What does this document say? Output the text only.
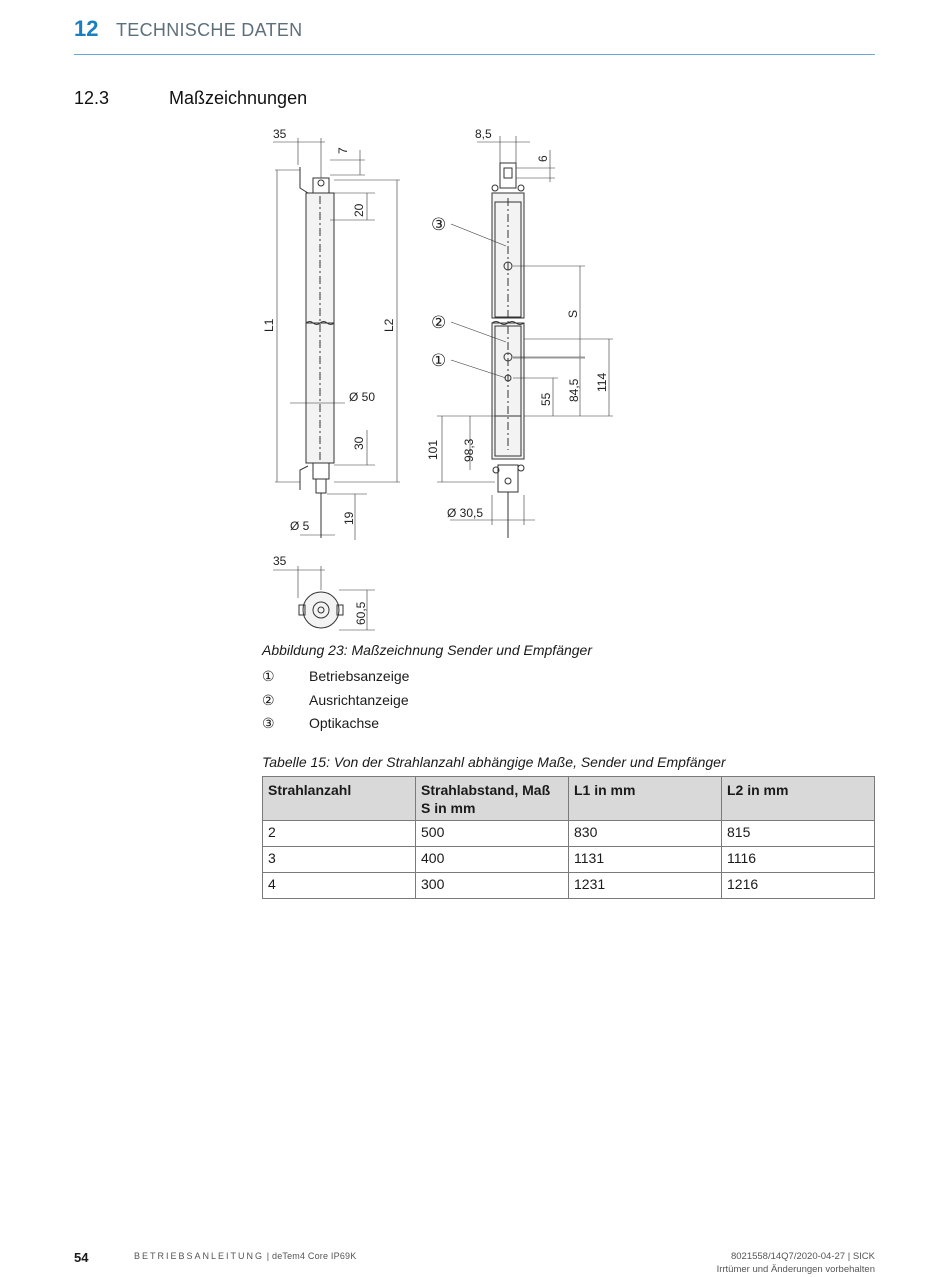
12 TECHNISCHE DATEN
12.3	Maßzeichnungen
35
7
20
L1	L2
Ø 50
30
19
Ø 5
8,5
6
S
114
84,5
55
101 98,3
Ø 30,5
35
60,5
③
②
①
Abbildung 23: Maßzeichnung Sender und Empfänger
① Betriebsanzeige
② Ausrichtanzeige
③ Optikachse
Tabelle 15: Von der Strahlanzahl abhängige Maße, Sender und Empfänger
Strahlanzahl	Strahlabstand, Maß S in mm	L1 in mm	L2 in mm
2	500	830	815
3	400	1131	1116
4	300	1231	1216
54	BETRIEBSANLEITUNG | deTem4 Core IP69K	8021558/14Q7/2020-04-27 | SICK
Irrtümer und Änderungen vorbehalten
